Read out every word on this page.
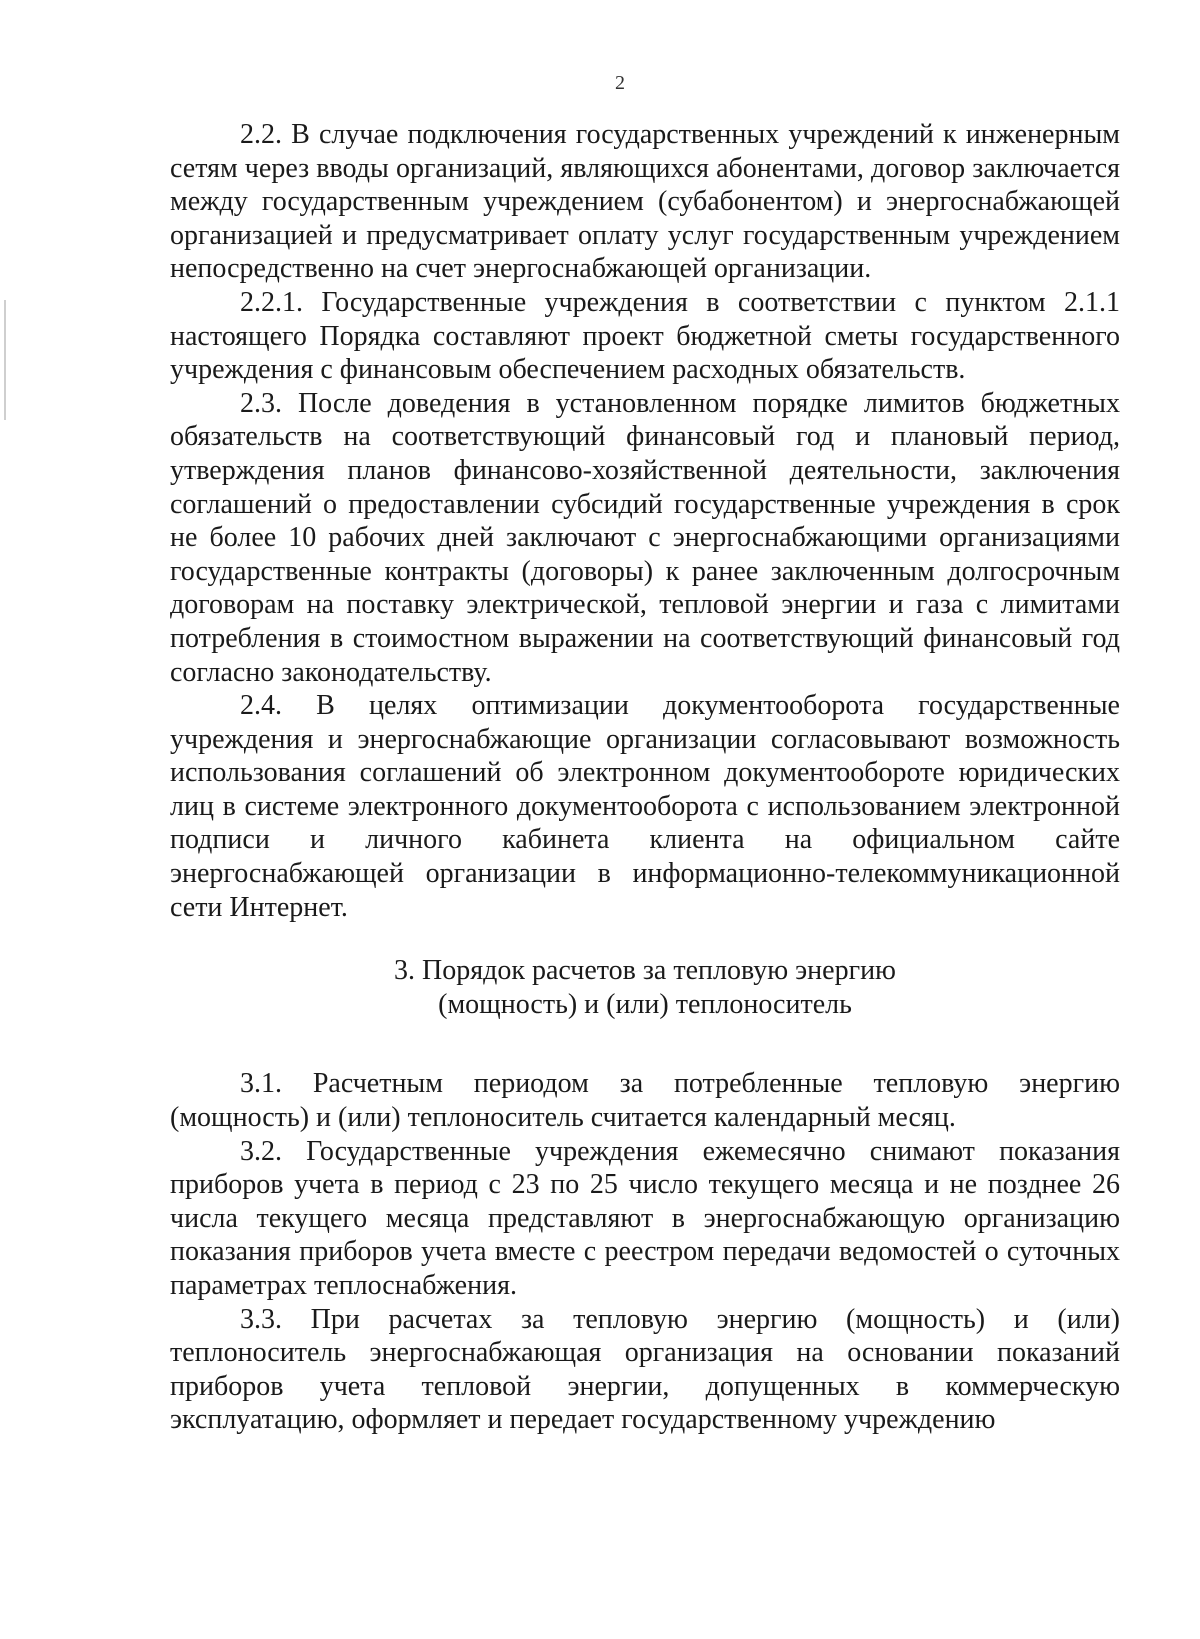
2

2.2. В случае подключения государственных учреждений к инженерным сетям через вводы организаций, являющихся абонентами, договор заключается между государственным учреждением (субабонентом) и энергоснабжающей организацией и предусматривает оплату услуг государственным учреждением непосредственно на счет энергоснабжающей организации.

2.2.1. Государственные учреждения в соответствии с пунктом 2.1.1 настоящего Порядка составляют проект бюджетной сметы государственного учреждения с финансовым обеспечением расходных обязательств.

2.3. После доведения в установленном порядке лимитов бюджетных обязательств на соответствующий финансовый год и плановый период, утверждения планов финансово-хозяйственной деятельности, заключения соглашений о предоставлении субсидий государственные учреждения в срок не более 10 рабочих дней заключают с энергоснабжающими организациями государственные контракты (договоры) к ранее заключенным долгосрочным договорам на поставку электрической, тепловой энергии и газа с лимитами потребления в стоимостном выражении на соответствующий финансовый год согласно законодательству.

2.4. В целях оптимизации документооборота государственные учреждения и энергоснабжающие организации согласовывают возможность использования соглашений об электронном документообороте юридических лиц в системе электронного документооборота с использованием электронной подписи и личного кабинета клиента на официальном сайте энергоснабжающей организации в информационно-телекоммуникационной сети Интернет.

3. Порядок расчетов за тепловую энергию
(мощность) и (или) теплоноситель

3.1. Расчетным периодом за потребленные тепловую энергию (мощность) и (или) теплоноситель считается календарный месяц.

3.2. Государственные учреждения ежемесячно снимают показания приборов учета в период с 23 по 25 число текущего месяца и не позднее 26 числа текущего месяца представляют в энергоснабжающую организацию показания приборов учета вместе с реестром передачи ведомостей о суточных параметрах теплоснабжения.

3.3. При расчетах за тепловую энергию (мощность) и (или) теплоноситель энергоснабжающая организация на основании показаний приборов учета тепловой энергии, допущенных в коммерческую эксплуатацию, оформляет и передает государственному учреждению
